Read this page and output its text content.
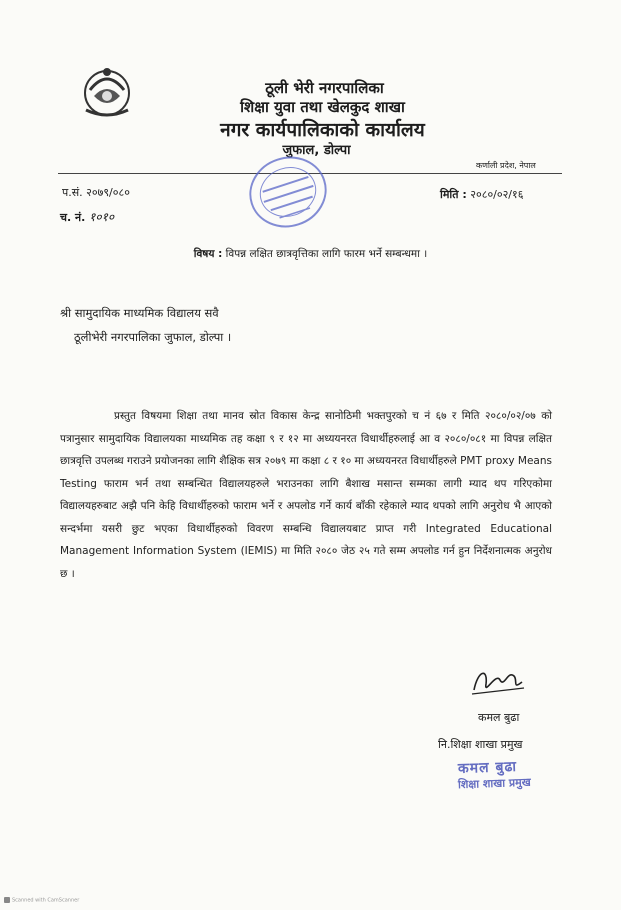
ठूली भेरी नगरपालिका
शिक्षा युवा तथा खेलकुद शाखा
नगर कार्यपालिकाको कार्यालय
जुफाल, डोल्पा
कर्णाली प्रदेश, नेपाल
प.सं. २०७९/०८०
च. नं. १०१०
मिति : २०८०/०२/१६
विषय : विपन्न लक्षित छात्रवृत्तिका लागि फारम भर्ने सम्बन्धमा ।
श्री सामुदायिक माध्यमिक विद्यालय सवै
ठूलीभेरी नगरपालिका जुफाल, डोल्पा ।
प्रस्तुत विषयमा शिक्षा तथा मानव स्रोत विकास केन्द्र सानोठिमी भक्तपुरको च नं ६७ र मिति २०८०/०२/०७ को पत्रानुसार सामुदायिक विद्यालयका माध्यमिक तह कक्षा ९ र १२ मा अध्ययनरत विधार्थीहरुलाई आ व २०८०/०८१ मा विपन्न लक्षित छात्रवृत्ति उपलब्ध गराउने प्रयोजनका लागि शैक्षिक सत्र २०७९ मा कक्षा ८ र १० मा अध्ययनरत विधार्थीहरुले PMT proxy Means Testing फाराम भर्न तथा सम्बन्धित विद्यालयहरुले भराउनका लागि बैशाख मसान्त सम्मका लागी म्याद थप गरिएकोमा विद्यालयहरुबाट अझै पनि केहि विधार्थीहरुको फाराम भर्ने र अपलोड गर्ने कार्य बाँकी रहेकाले म्याद थपको लागि अनुरोध भै आएको सन्दर्भमा यसरी छुट भएका विधार्थीहरुको विवरण सम्बन्धि विद्यालयबाट प्राप्त गरी Integrated Educational Management Information System (IEMIS) मा मिति २०८० जेठ २५ गते सम्म अपलोड गर्न हुन निर्देशनात्मक अनुरोध छ ।
कमल बुढा
नि.शिक्षा शाखा प्रमुख
कमल बुढा
शिक्षा शाखा प्रमुख
Scanned with CamScanner
